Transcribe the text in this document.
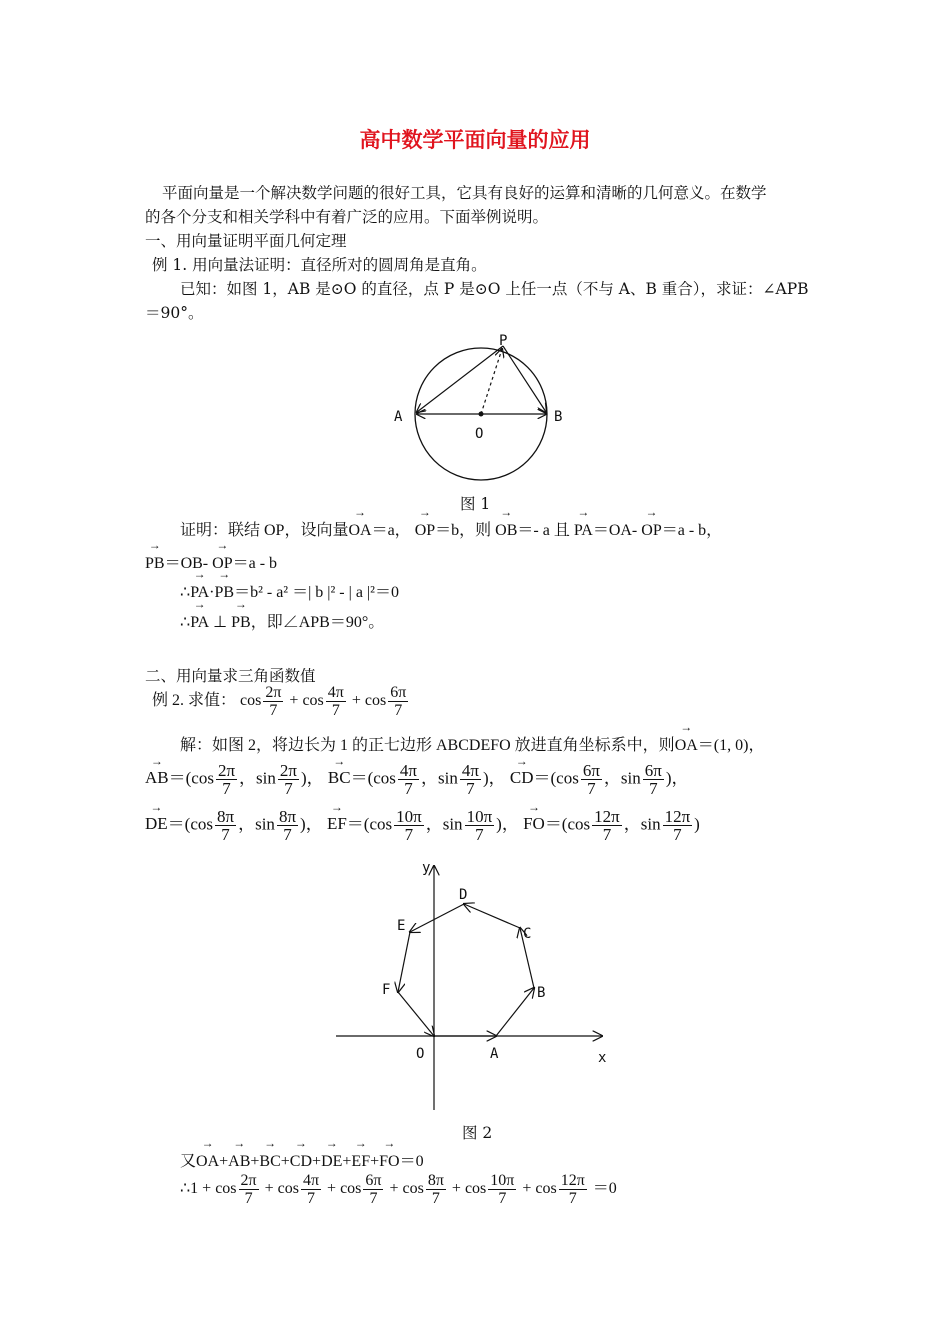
高中数学平面向量的应用
平面向量是一个解决数学问题的很好工具，它具有良好的运算和清晰的几何意义。在数学
的各个分支和相关学科中有着广泛的应用。下面举例说明。
一、用向量证明平面几何定理
例 1. 用向量法证明：直径所对的圆周角是直角。
已知：如图 1，AB 是⊙O 的直径，点 P 是⊙O 上任一点（不与 A、B 重合），求证：∠APB
＝90°。
P
A	B
O
图 1
证明：联结 OP，设向量→ OA＝a， → OP＝b，则 → OB＝- a 且 → PA＝OA- → OP＝a - b，
→ PB＝OB- → OP＝a - b
∴→ PA·→ PB＝b² - a² ＝| b |² - | a |²＝0
∴→ PA ⊥ → PB，即∠APB＝90°。
二、用向量求三角函数值
例 2. 求值： $\cos \frac{2\pi}{7} + \cos \frac{4\pi}{7} + \cos \frac{6\pi}{7}$
解：如图 2，将边长为 1 的正七边形 ABCDEFO 放进直角坐标系中，则→ OA＝(1, 0)，
→ $AB=(\cos \frac{2\pi}{7}$ ，$\sin \frac{2\pi}{7}$ )， → $BC=(\cos \frac{4\pi}{7}$ ，$\sin \frac{4\pi}{7}$ )， → $CD=(\cos \frac{6\pi}{7}$ ，$\sin \frac{6\pi}{7}$ )，
→ $DE=(\cos \frac{8\pi}{7}$ ，$\sin \frac{8\pi}{7}$ )， → $EF=(\cos \frac{10\pi}{7}$ ，$\sin \frac{10\pi}{7}$ )， → $FO=(\cos \frac{12\pi}{7}$ ，$\sin \frac{12\pi}{7}$ )
y
x
O	A
B
C
D
E
F
图 2
又→ OA+→ AB+→ BC+→ CD+→ DE+→ EF+→ FO＝0
∴1 + $\cos \frac{2\pi}{7} + \cos \frac{4\pi}{7} + \cos \frac{6\pi}{7} + \cos \frac{8\pi}{7} + \cos \frac{10\pi}{7} + \cos \frac{12\pi}{7} =0$
